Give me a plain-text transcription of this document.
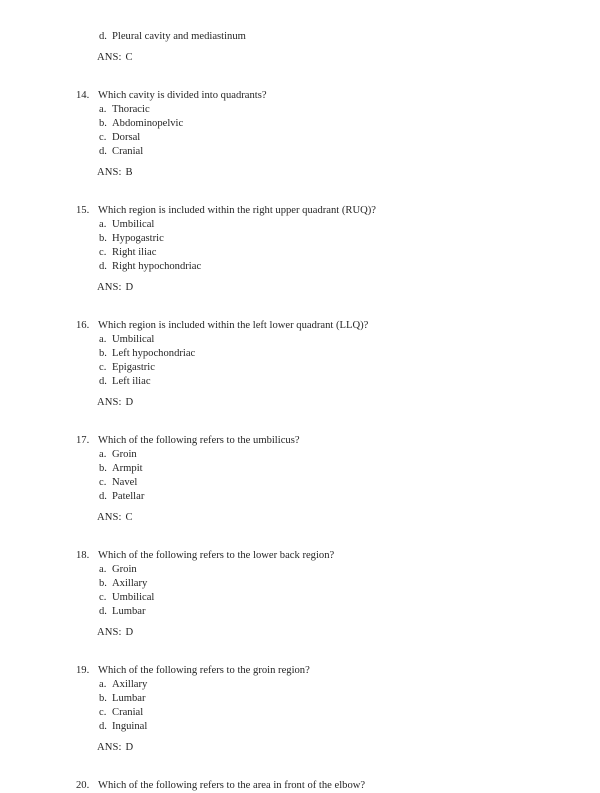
d. Pleural cavity and mediastinum
ANS: C
14. Which cavity is divided into quadrants?
a. Thoracic
b. Abdominopelvic
c. Dorsal
d. Cranial
ANS: B
15. Which region is included within the right upper quadrant (RUQ)?
a. Umbilical
b. Hypogastric
c. Right iliac
d. Right hypochondriac
ANS: D
16. Which region is included within the left lower quadrant (LLQ)?
a. Umbilical
b. Left hypochondriac
c. Epigastric
d. Left iliac
ANS: D
17. Which of the following refers to the umbilicus?
a. Groin
b. Armpit
c. Navel
d. Patellar
ANS: C
18. Which of the following refers to the lower back region?
a. Groin
b. Axillary
c. Umbilical
d. Lumbar
ANS: D
19. Which of the following refers to the groin region?
a. Axillary
b. Lumbar
c. Cranial
d. Inguinal
ANS: D
20. Which of the following refers to the area in front of the elbow?
